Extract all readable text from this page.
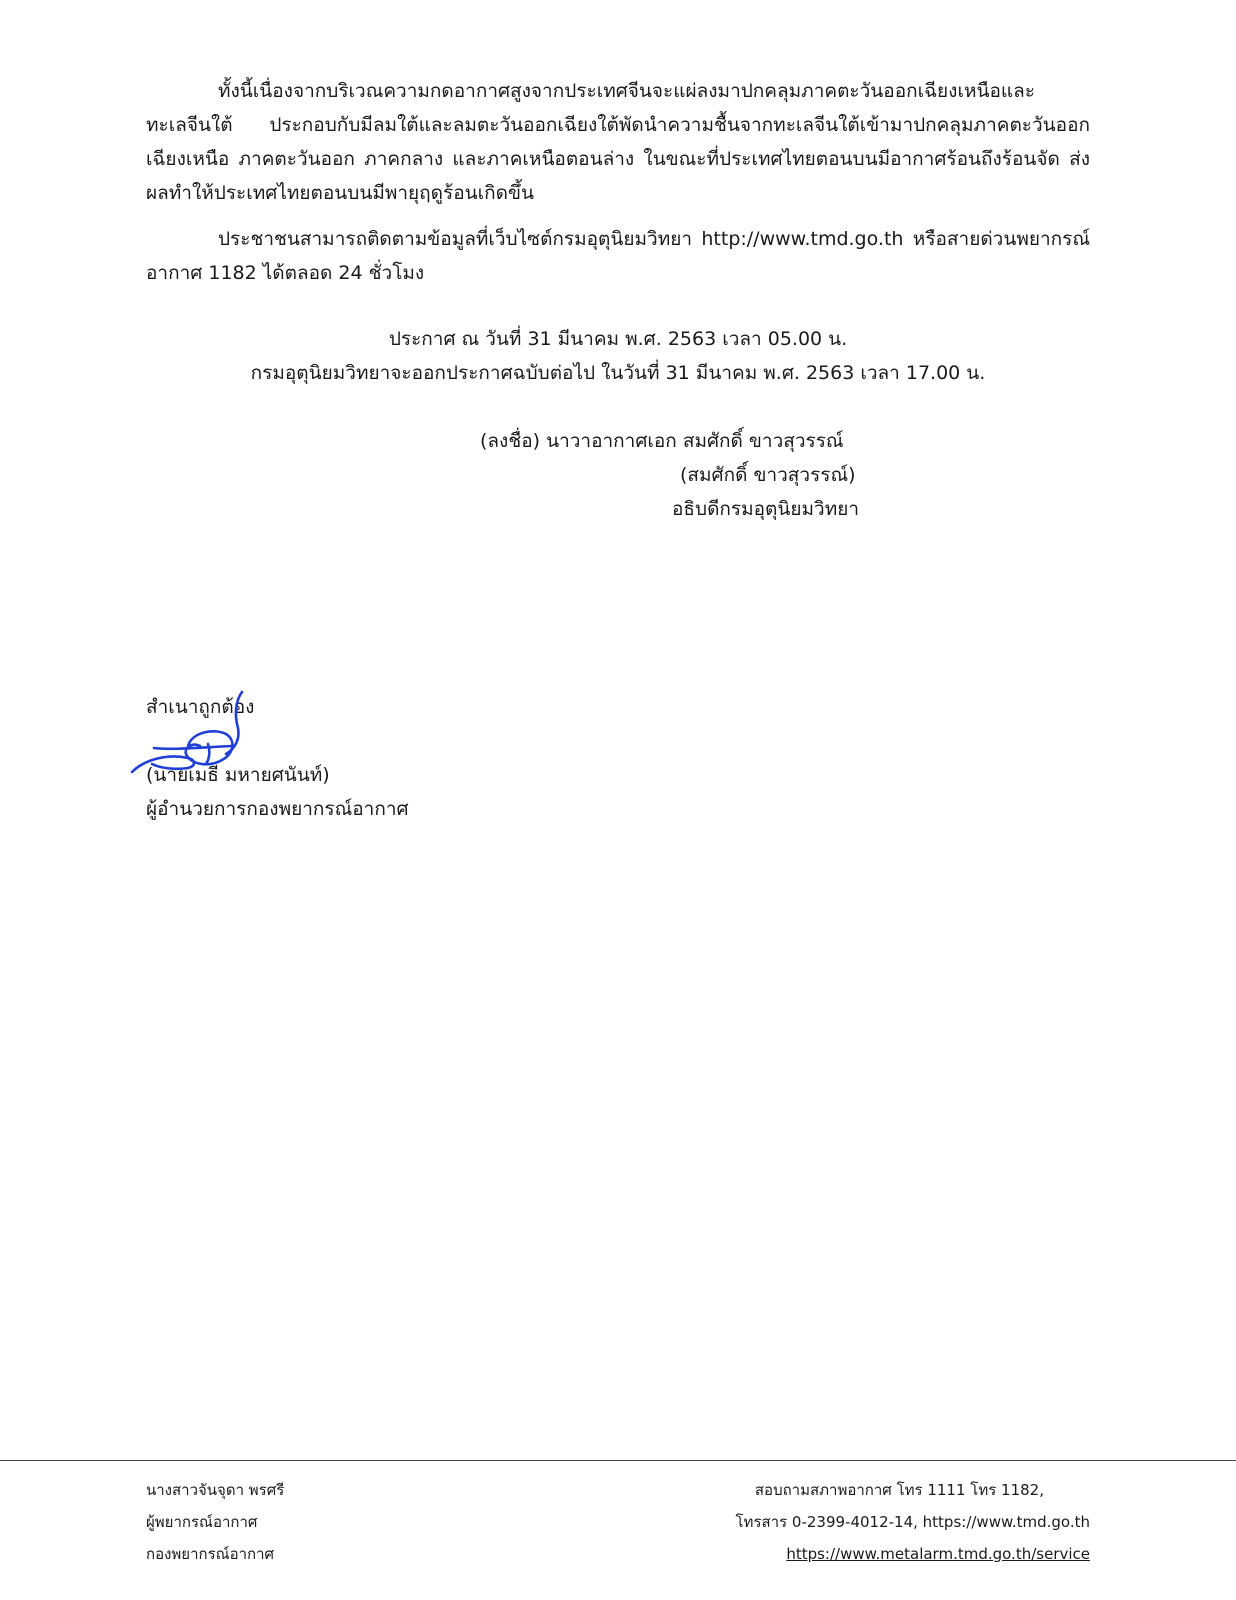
ทั้งนี้เนื่องจากบริเวณความกดอากาศสูงจากประเทศจีนจะแผ่ลงมาปกคลุมภาคตะวันออกเฉียงเหนือและทะเลจีนใต้ ประกอบกับมีลมใต้และลมตะวันออกเฉียงใต้พัดนำความชื้นจากทะเลจีนใต้เข้ามาปกคลุมภาคตะวันออกเฉียงเหนือ ภาคตะวันออก ภาคกลาง และภาคเหนือตอนล่าง ในขณะที่ประเทศไทยตอนบนมีอากาศร้อนถึงร้อนจัด ส่งผลทำให้ประเทศไทยตอนบนมีพายุฤดูร้อนเกิดขึ้น

ประชาชนสามารถติดตามข้อมูลที่เว็บไซต์กรมอุตุนิยมวิทยา http://www.tmd.go.th หรือสายด่วนพยากรณ์อากาศ 1182 ได้ตลอด 24 ชั่วโมง

ประกาศ ณ วันที่ 31 มีนาคม พ.ศ. 2563 เวลา 05.00 น.
กรมอุตุนิยมวิทยาจะออกประกาศฉบับต่อไป ในวันที่ 31 มีนาคม พ.ศ. 2563 เวลา 17.00 น.
(ลงชื่อ) นาวาอากาศเอก สมศักดิ์ ขาวสุวรรณ์
(สมศักดิ์ ขาวสุวรรณ์)
อธิบดีกรมอุตุนิยมวิทยา
สำเนาถูกต้อง
(นายเมธี มหายศนันท์)
ผู้อำนวยการกองพยากรณ์อากาศ
นางสาวจันจุดา พรศรี
ผู้พยากรณ์อากาศ
กองพยากรณ์อากาศ
สอบถามสภาพอากาศ โทร 1111 โทร 1182,
โทรสาร 0-2399-4012-14, https://www.tmd.go.th
https://www.metalarm.tmd.go.th/service
